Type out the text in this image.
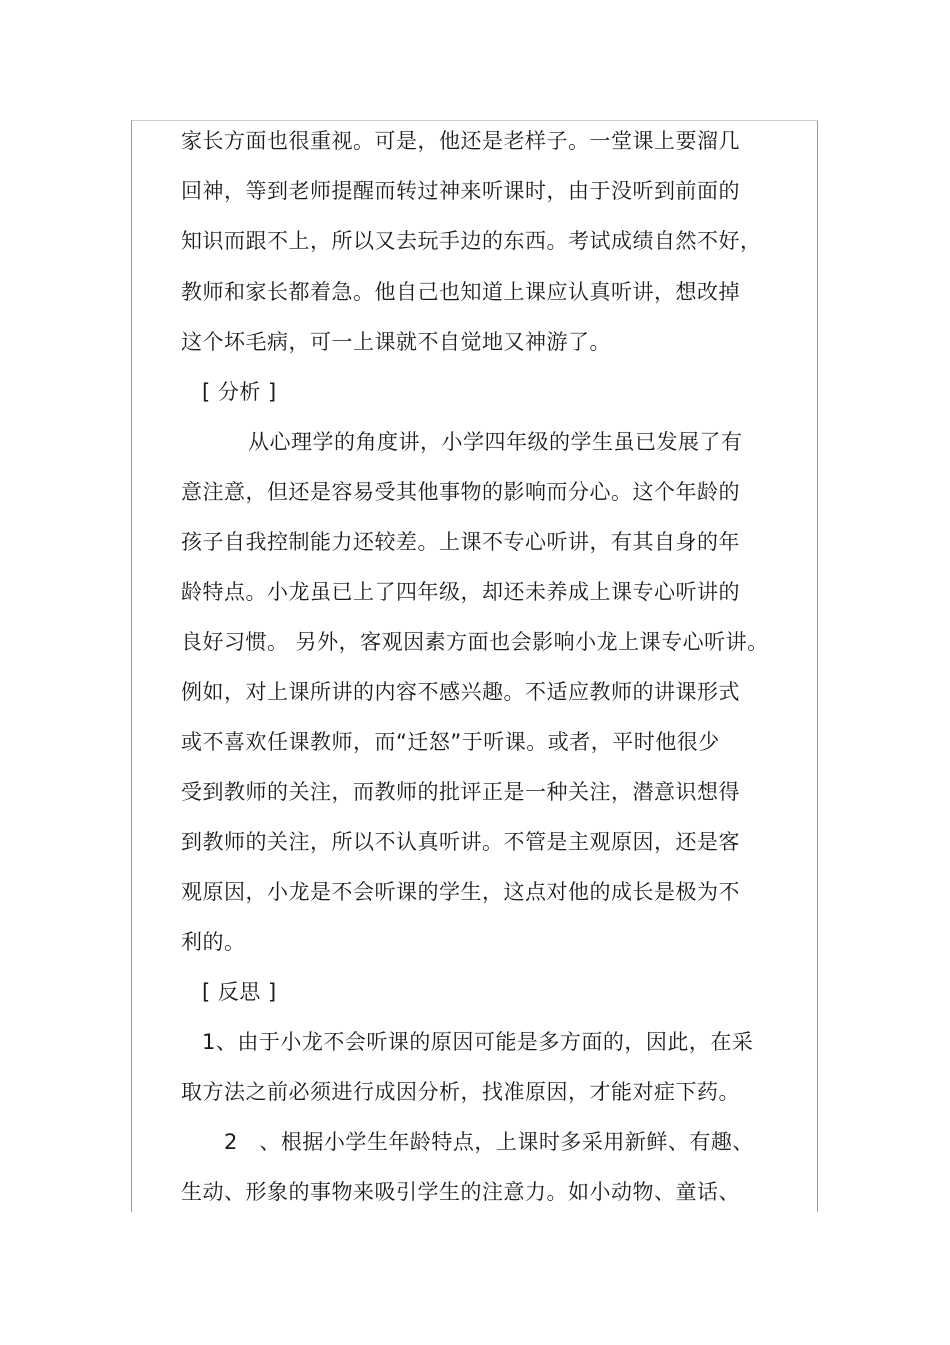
家长方面也很重视。可是，他还是老样子。一堂课上要溜几
回神，等到老师提醒而转过神来听课时，由于没听到前面的
知识而跟不上，所以又去玩手边的东西。考试成绩自然不好，
教师和家长都着急。他自己也知道上课应认真听讲，想改掉
这个坏毛病，可一上课就不自觉地又神游了。
[ 分析 ]
从心理学的角度讲，小学四年级的学生虽已发展了有
意注意，但还是容易受其他事物的影响而分心。这个年龄的
孩子自我控制能力还较差。上课不专心听讲，有其自身的年
龄特点。小龙虽已上了四年级，却还未养成上课专心听讲的
良好习惯。 另外，客观因素方面也会影响小龙上课专心听讲。
例如，对上课所讲的内容不感兴趣。不适应教师的讲课形式
或不喜欢任课教师，而“迁怒”于听课。或者，平时他很少
受到教师的关注，而教师的批评正是一种关注，潜意识想得
到教师的关注，所以不认真听讲。不管是主观原因，还是客
观原因，小龙是不会听课的学生，这点对他的成长是极为不
利的。
[ 反思 ]
1、由于小龙不会听课的原因可能是多方面的，因此，在采
取方法之前必须进行成因分析，找准原因，才能对症下药。
2　、根据小学生年龄特点，上课时多采用新鲜、有趣、
生动、形象的事物来吸引学生的注意力。如小动物、童话、
